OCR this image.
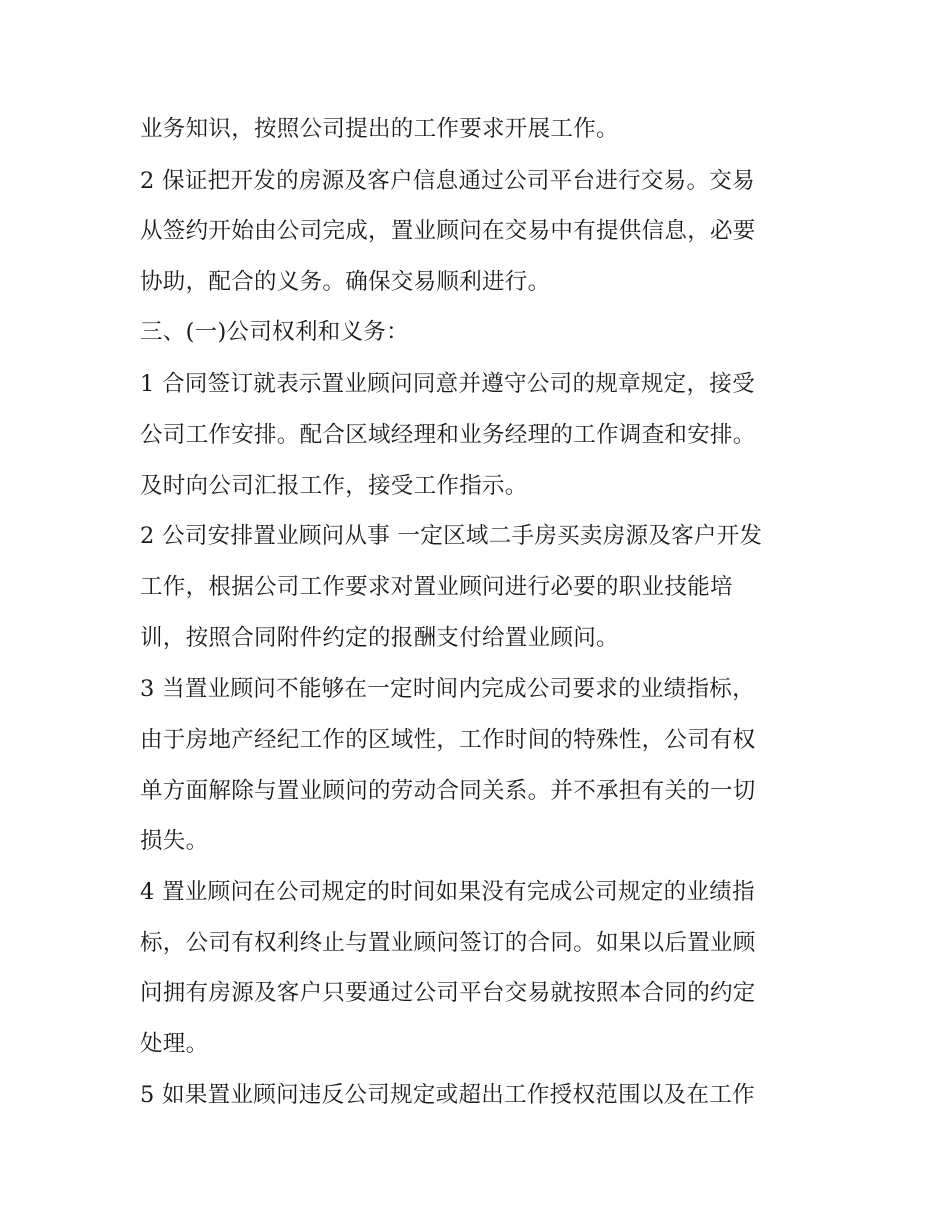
业务知识，按照公司提出的工作要求开展工作。

2 保证把开发的房源及客户信息通过公司平台进行交易。交易

从签约开始由公司完成，置业顾问在交易中有提供信息，必要

协助，配合的义务。确保交易顺利进行。

三、(一)公司权利和义务：

1 合同签订就表示置业顾问同意并遵守公司的规章规定，接受

公司工作安排。配合区域经理和业务经理的工作调查和安排。

及时向公司汇报工作，接受工作指示。

2 公司安排置业顾问从事 一定区域二手房买卖房源及客户开发

工作，根据公司工作要求对置业顾问进行必要的职业技能培

训，按照合同附件约定的报酬支付给置业顾问。

3 当置业顾问不能够在一定时间内完成公司要求的业绩指标，

由于房地产经纪工作的区域性，工作时间的特殊性，公司有权

单方面解除与置业顾问的劳动合同关系。并不承担有关的一切

损失。

4 置业顾问在公司规定的时间如果没有完成公司规定的业绩指

标，公司有权利终止与置业顾问签订的合同。如果以后置业顾

问拥有房源及客户只要通过公司平台交易就按照本合同的约定

处理。

5 如果置业顾问违反公司规定或超出工作授权范围以及在工作
